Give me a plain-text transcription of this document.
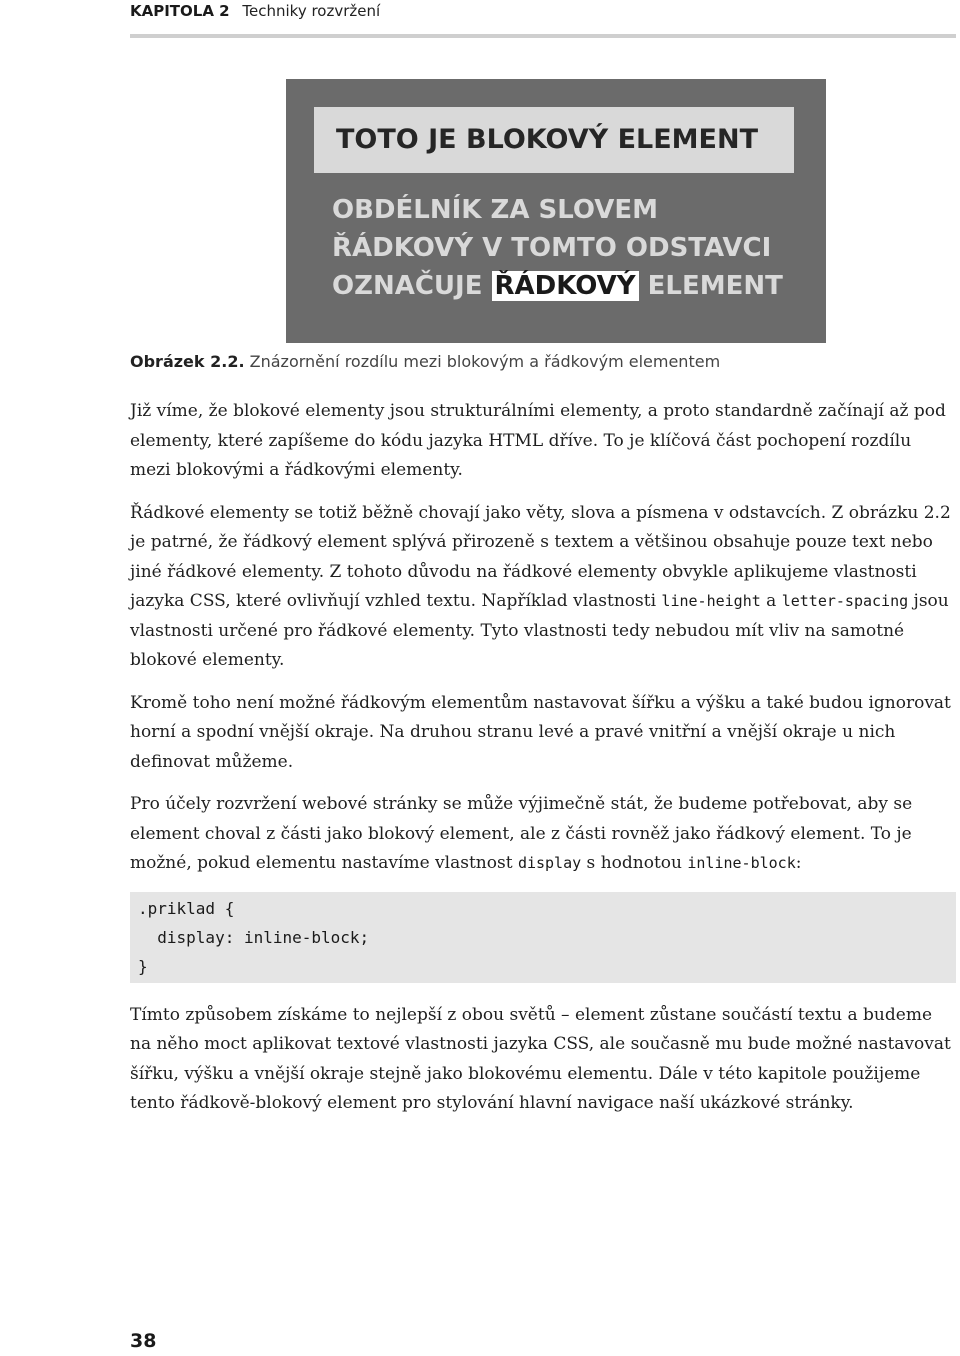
KAPITOLA 2 Techniky rozvržení
TOTO JE BLOKOVÝ ELEMENT
OBDÉLNÍK ZA SLOVEM
ŘÁDKOVÝ V TOMTO ODSTAVCI
OZNAČUJE ŘÁDKOVÝ ELEMENT
Obrázek 2.2. Znázornění rozdílu mezi blokovým a řádkovým elementem

Již víme, že blokové elementy jsou strukturálními elementy, a proto standardně začínají až pod elementy, které zapíšeme do kódu jazyka HTML dříve. To je klíčová část pochopení rozdílu mezi blokovými a řádkovými elementy.

Řádkové elementy se totiž běžně chovají jako věty, slova a písmena v odstavcích. Z obrázku 2.2 je patrné, že řádkový element splývá přirozeně s textem a většinou obsahuje pouze text nebo jiné řádkové elementy. Z tohoto důvodu na řádkové elementy obvykle aplikujeme vlastnosti jazyka CSS, které ovlivňují vzhled textu. Například vlastnosti line-height a letter-spacing jsou vlastnosti určené pro řádkové elementy. Tyto vlastnosti tedy nebudou mít vliv na samotné blokové elementy.

Kromě toho není možné řádkovým elementům nastavovat šířku a výšku a také budou ignorovat horní a spodní vnější okraje. Na druhou stranu levé a pravé vnitřní a vnější okraje u nich definovat můžeme.

Pro účely rozvržení webové stránky se může výjimečně stát, že budeme potřebovat, aby se element choval z části jako blokový element, ale z části rovněž jako řádkový element. To je možné, pokud elementu nastavíme vlastnost display s hodnotou inline-block:

.priklad {
display: inline-block;
}

Tímto způsobem získáme to nejlepší z obou světů – element zůstane součástí textu a budeme na něho moct aplikovat textové vlastnosti jazyka CSS, ale současně mu bude možné nastavovat šířku, výšku a vnější okraje stejně jako blokovému elementu. Dále v této kapitole použijeme tento řádkově-blokový element pro stylování hlavní navigace naší ukázkové stránky.

38
